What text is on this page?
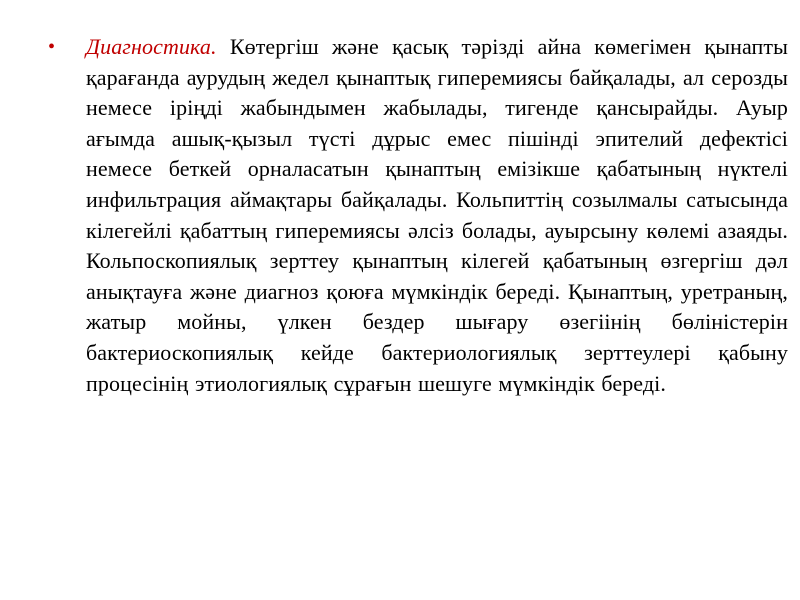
• Диагностика. Көтергіш және қасық тәрізді айна көмегімен қынапты қарағанда аурудың жедел қынаптық гиперемиясы байқалады, ал серозды немесе іріңді жабындымен жабылады, тигенде қансырайды. Ауыр ағымда ашық-қызыл түсті дұрыс емес пішінді эпителий дефектісі немесе беткей орналасатын қынаптың емізікше қабатының нүктелі инфильтрация аймақтары байқалады. Кольпиттің созылмалы сатысында кілегейлі қабаттың гиперемиясы әлсіз болады, ауырсыну көлемі азаяды. Кольпоскопиялық зерттеу қынаптың кілегей қабатының өзгергіш дәл анықтауға және диагноз қоюға мүмкіндік береді. Қынаптың, уретраның, жатыр мойны, үлкен бездер шығару өзегіінің бөліністерін бактериоскопиялық кейде бактериологиялық зерттеулері қабыну процесінің этиологиялық сұрағын шешуге мүмкіндік береді.
